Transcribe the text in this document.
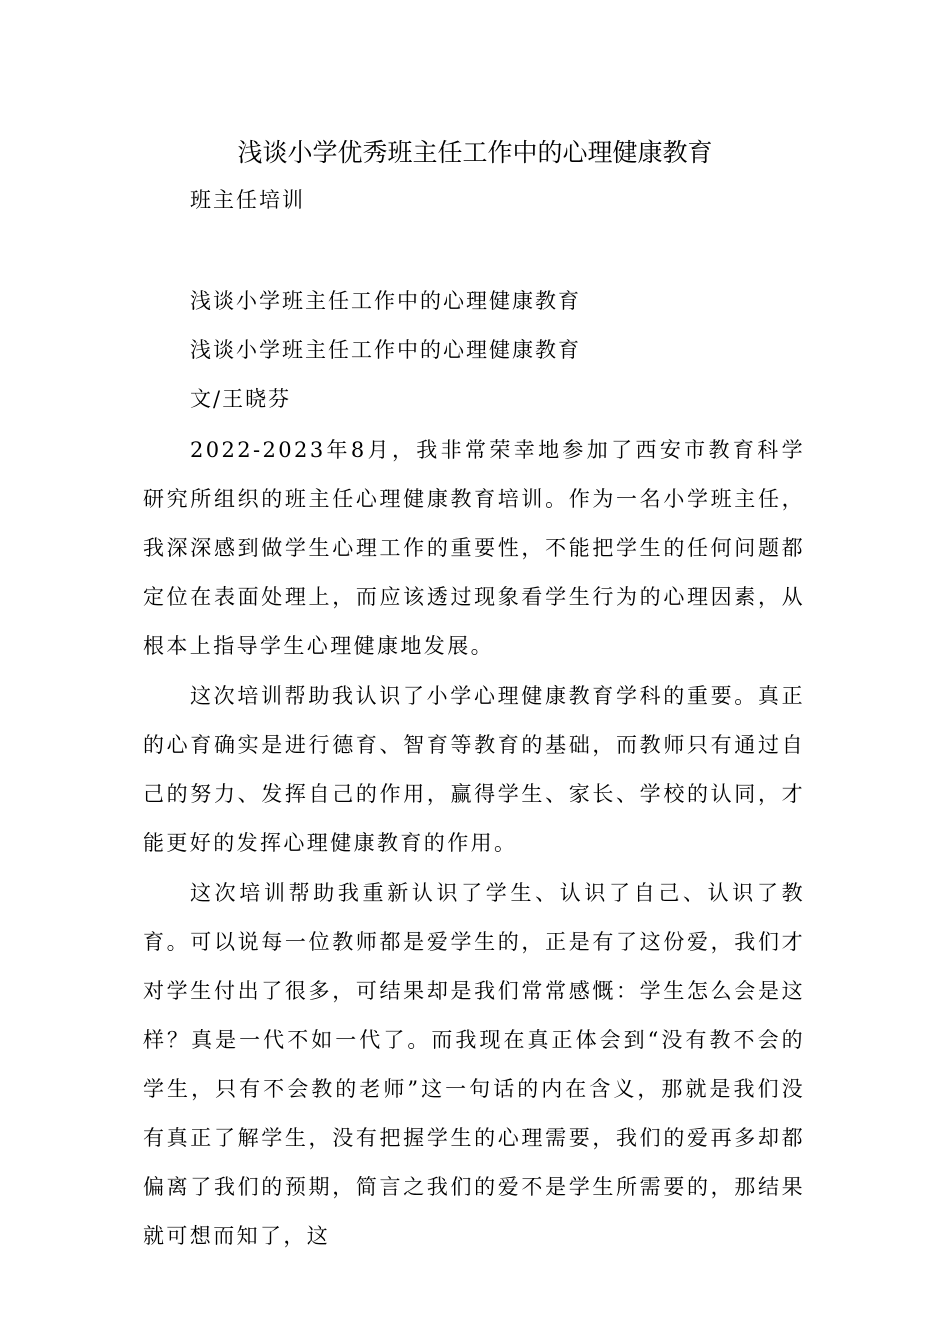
浅谈小学优秀班主任工作中的心理健康教育

班主任培训

浅谈小学班主任工作中的心理健康教育

浅谈小学班主任工作中的心理健康教育

文/王晓芬

2022-2023年8月，我非常荣幸地参加了西安市教育科学研究所组织的班主任心理健康教育培训。作为一名小学班主任，我深深感到做学生心理工作的重要性，不能把学生的任何问题都定位在表面处理上，而应该透过现象看学生行为的心理因素，从根本上指导学生心理健康地发展。

这次培训帮助我认识了小学心理健康教育学科的重要。真正的心育确实是进行德育、智育等教育的基础，而教师只有通过自己的努力、发挥自己的作用，赢得学生、家长、学校的认同，才能更好的发挥心理健康教育的作用。

这次培训帮助我重新认识了学生、认识了自己、认识了教育。可以说每一位教师都是爱学生的，正是有了这份爱，我们才对学生付出了很多，可结果却是我们常常感慨：学生怎么会是这样？真是一代不如一代了。而我现在真正体会到“没有教不会的学生，只有不会教的老师”这一句话的内在含义，那就是我们没有真正了解学生，没有把握学生的心理需要，我们的爱再多却都偏离了我们的预期，简言之我们的爱不是学生所需要的，那结果就可想而知了，这
